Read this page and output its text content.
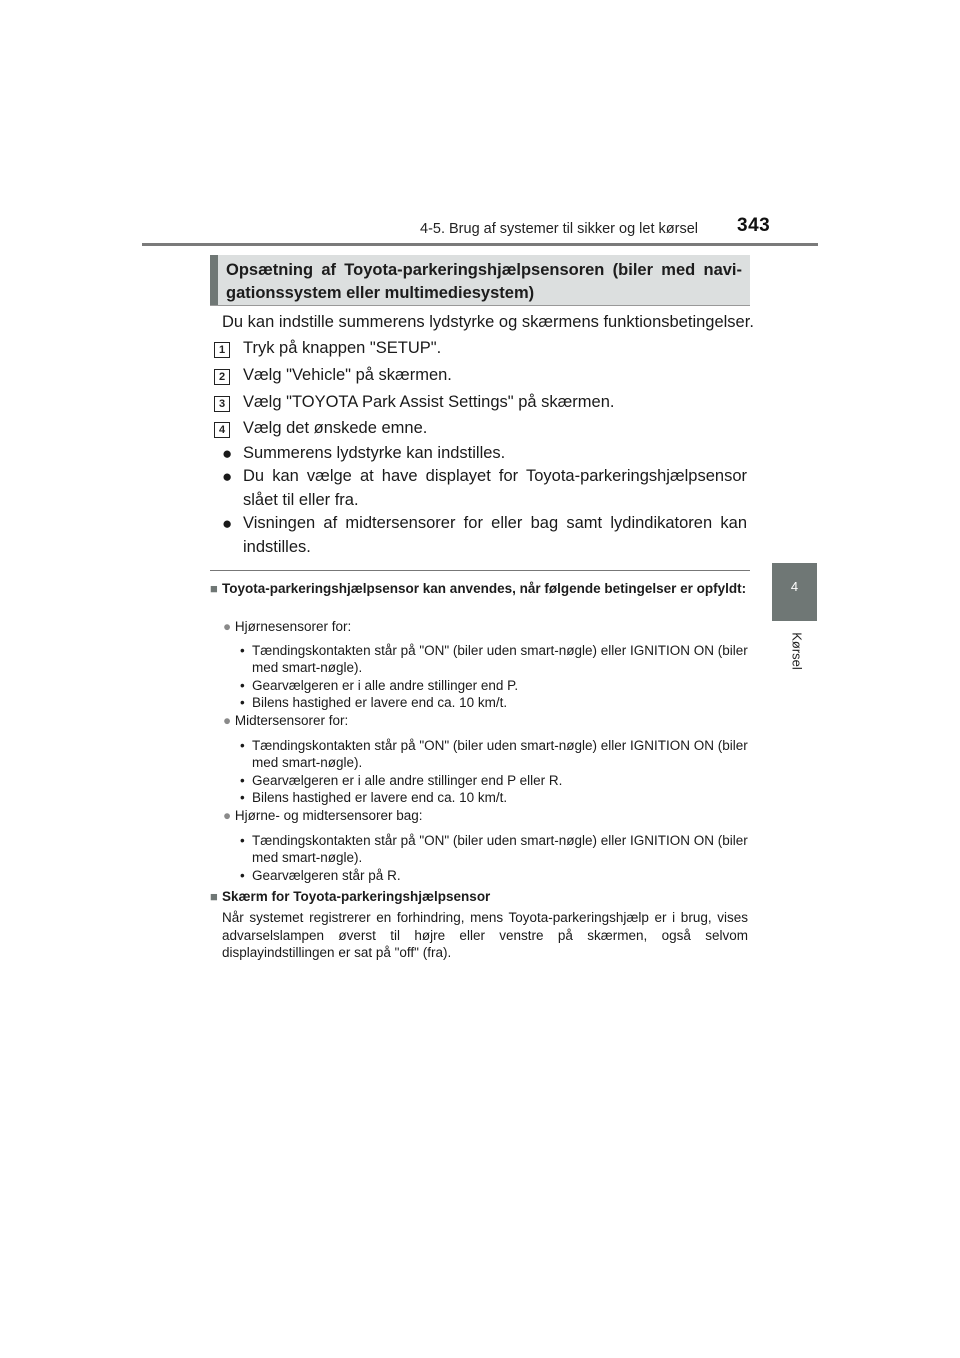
4-5. Brug af systemer til sikker og let kørsel 343
4
Kørsel
Opsætning af Toyota-parkeringshjælpsensoren (biler med navi-gationssystem eller multimediesystem)
Du kan indstille summerens lydstyrke og skærmens funktionsbetingelser.
1 Tryk på knappen "SETUP".
2 Vælg "Vehicle" på skærmen.
3 Vælg "TOYOTA Park Assist Settings" på skærmen.
4 Vælg det ønskede emne.
● Summerens lydstyrke kan indstilles.
● Du kan vælge at have displayet for Toyota-parkeringshjælpsensor slået til eller fra.
● Visningen af midtersensorer for eller bag samt lydindikatoren kan indstilles.
■ Toyota-parkeringshjælpsensor kan anvendes, når følgende betingelser er opfyldt:
● Hjørnesensorer for:
• Tændingskontakten står på "ON" (biler uden smart-nøgle) eller IGNITION ON (biler med smart-nøgle).
• Gearvælgeren er i alle andre stillinger end P.
• Bilens hastighed er lavere end ca. 10 km/t.
● Midtersensorer for:
• Tændingskontakten står på "ON" (biler uden smart-nøgle) eller IGNITION ON (biler med smart-nøgle).
• Gearvælgeren er i alle andre stillinger end P eller R.
• Bilens hastighed er lavere end ca. 10 km/t.
● Hjørne- og midtersensorer bag:
• Tændingskontakten står på "ON" (biler uden smart-nøgle) eller IGNITION ON (biler med smart-nøgle).
• Gearvælgeren står på R.
■ Skærm for Toyota-parkeringshjælpsensor
Når systemet registrerer en forhindring, mens Toyota-parkeringshjælp er i brug, vises advarselslampen øverst til højre eller venstre på skærmen, også selvom displayindstillingen er sat på "off" (fra).
